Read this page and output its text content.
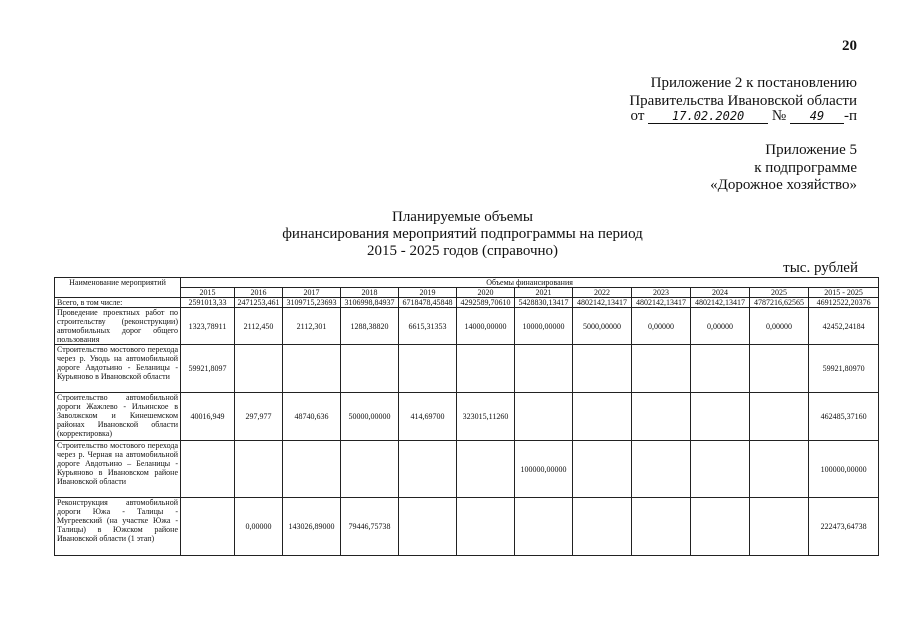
20
Приложение 2 к постановлению
Правительства Ивановской области
от 17.02.2020 № 49 -п
Приложение 5
к подпрограмме
«Дорожное хозяйство»
Планируемые объемы
финансирования мероприятий подпрограммы на период
2015 - 2025 годов (справочно)
тыс. рублей
Наименование мероприятий	Объемы финансирования											
	2015	2016	2017	2018	2019	2020	2021	2022	2023	2024	2025	2015 - 2025
Всего, в том числе:	2591013,33	2471253,461	3109715,23693	3106998,84937	6718478,45848	4292589,70610	5428830,13417	4802142,13417	4802142,13417	4802142,13417	4787216,62565	46912522,20376
Проведение проектных работ по строительству (реконструкции) автомобильных дорог общего пользования	1323,78911	2112,450	2112,301	1288,38820	6615,31353	14000,00000	10000,00000	5000,00000	0,00000	0,00000	0,00000	42452,24184
Строительство мостового перехода через р. Уводь на автомобильной дороге Авдотьино - Беланицы - Курьяново в Ивановской области	59921,8097											59921,80970
Строительство автомобильной дороги Жажлево - Ильинское в Заволжском и Кинешемском районах Ивановской области (корректировка)	40016,949	297,977	48740,636	50000,00000	414,69700	323015,11260						462485,37160
Строительство мостового перехода через р. Черная на автомобильной дороге Авдотьино – Беланицы - Курьяново в Ивановском районе Ивановской области							100000,00000					100000,00000
Реконструкция автомобильной дороги Южа - Талицы - Мугреевский (на участке Южа - Талицы) в Южском районе Ивановской области (1 этап)		0,00000	143026,89000	79446,75738								222473,64738
